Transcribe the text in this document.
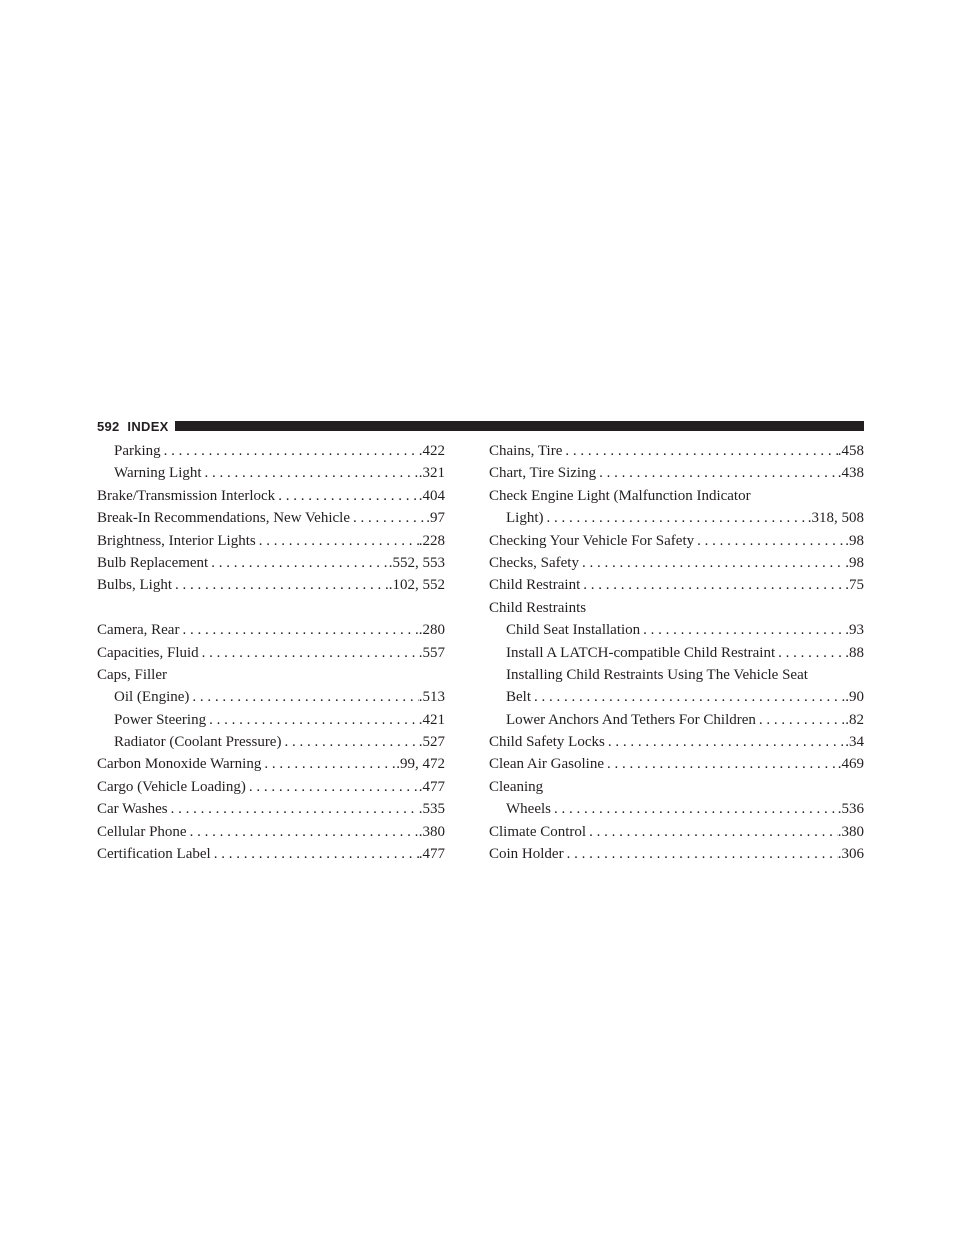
592 INDEX
Parking . . .	.422
Warning Light . . .	.321
Brake/Transmission Interlock . . .	.404
Break-In Recommendations, New Vehicle . . .	.97
Brightness, Interior Lights . . .	.228
Bulb Replacement . . .	.552, 553
Bulbs, Light . . .	.102, 552
Camera, Rear . . .	.280
Capacities, Fluid . . .	.557
Caps, Filler
Oil (Engine) . . .	.513
Power Steering . . .	.421
Radiator (Coolant Pressure) . . .	.527
Carbon Monoxide Warning . . .	.99, 472
Cargo (Vehicle Loading) . . .	.477
Car Washes . . .	.535
Cellular Phone . . .	.380
Certification Label . . .	.477
Chains, Tire . . .	.458
Chart, Tire Sizing . . .	.438
Check Engine Light (Malfunction Indicator
Light) . . .	.318, 508
Checking Your Vehicle For Safety . . .	.98
Checks, Safety . . .	.98
Child Restraint . . .	.75
Child Restraints
Child Seat Installation . . .	.93
Install A LATCH-compatible Child Restraint . . .	.88
Installing Child Restraints Using The Vehicle Seat
Belt . . .	.90
Lower Anchors And Tethers For Children . . .	.82
Child Safety Locks . . .	.34
Clean Air Gasoline . . .	.469
Cleaning
Wheels . . .	.536
Climate Control . . .	.380
Coin Holder . . .	.306
